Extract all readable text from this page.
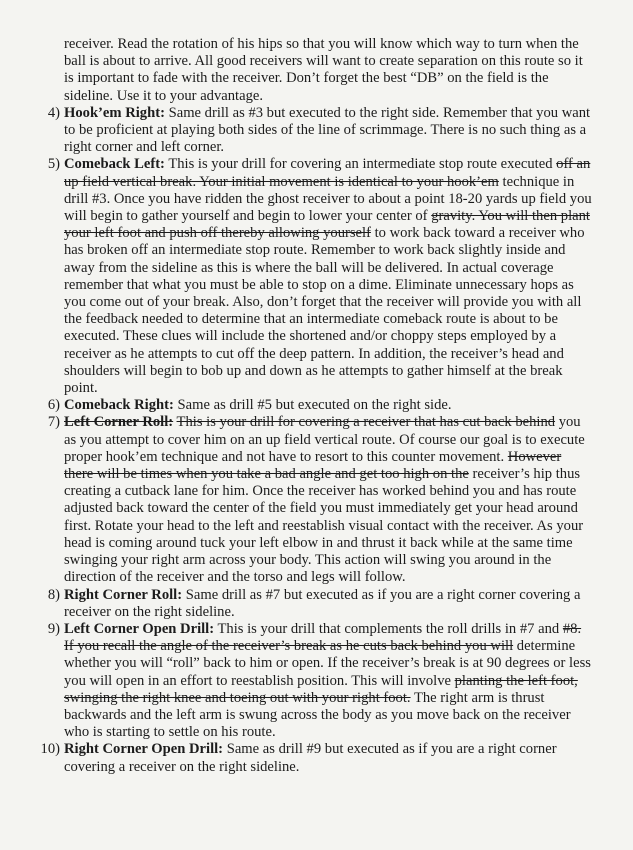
receiver. Read the rotation of his hips so that you will know which way to turn when the ball is about to arrive. All good receivers will want to create separation on this route so it is important to fade with the receiver. Don’t forget the best “DB” on the field is the sideline. Use it to your advantage.
4) Hook’em Right: Same drill as #3 but executed to the right side. Remember that you want to be proficient at playing both sides of the line of scrimmage. There is no such thing as a right corner and left corner.
5) Comeback Left: This is your drill for covering an intermediate stop route executed off an up field vertical break. Your initial movement is identical to your hook’em technique in drill #3. Once you have ridden the ghost receiver to about a point 18-20 yards up field you will begin to gather yourself and begin to lower your center of gravity. You will then plant your left foot and push off thereby allowing yourself to work back toward a receiver who has broken off an intermediate stop route. Remember to work back slightly inside and away from the sideline as this is where the ball will be delivered. In actual coverage remember that what you must be able to stop on a dime. Eliminate unnecessary hops as you come out of your break. Also, don’t forget that the receiver will provide you with all the feedback needed to determine that an intermediate comeback route is about to be executed. These clues will include the shortened and/or choppy steps employed by a receiver as he attempts to cut off the deep pattern. In addition, the receiver’s head and shoulders will begin to bob up and down as he attempts to gather himself at the break point.
6) Comeback Right: Same as drill #5 but executed on the right side.
7) Left Corner Roll: This is your drill for covering a receiver that has cut back behind you as you attempt to cover him on an up field vertical route. Of course our goal is to execute proper hook’em technique and not have to resort to this counter movement. However there will be times when you take a bad angle and get too high on the receiver’s hip thus creating a cutback lane for him. Once the receiver has worked behind you and has route adjusted back toward the center of the field you must immediately get your head around first. Rotate your head to the left and reestablish visual contact with the receiver. As your head is coming around tuck your left elbow in and thrust it back while at the same time swinging your right arm across your body. This action will swing you around in the direction of the receiver and the torso and legs will follow.
8) Right Corner Roll: Same drill as #7 but executed as if you are a right corner covering a receiver on the right sideline.
9) Left Corner Open Drill: This is your drill that complements the roll drills in #7 and #8. If you recall the angle of the receiver’s break as he cuts back behind you will determine whether you will “roll” back to him or open. If the receiver’s break is at 90 degrees or less you will open in an effort to reestablish position. This will involve planting the left foot, swinging the right knee and toeing out with your right foot. The right arm is thrust backwards and the left arm is swung across the body as you move back on the receiver who is starting to settle on his route.
10) Right Corner Open Drill: Same as drill #9 but executed as if you are a right corner covering a receiver on the right sideline.
